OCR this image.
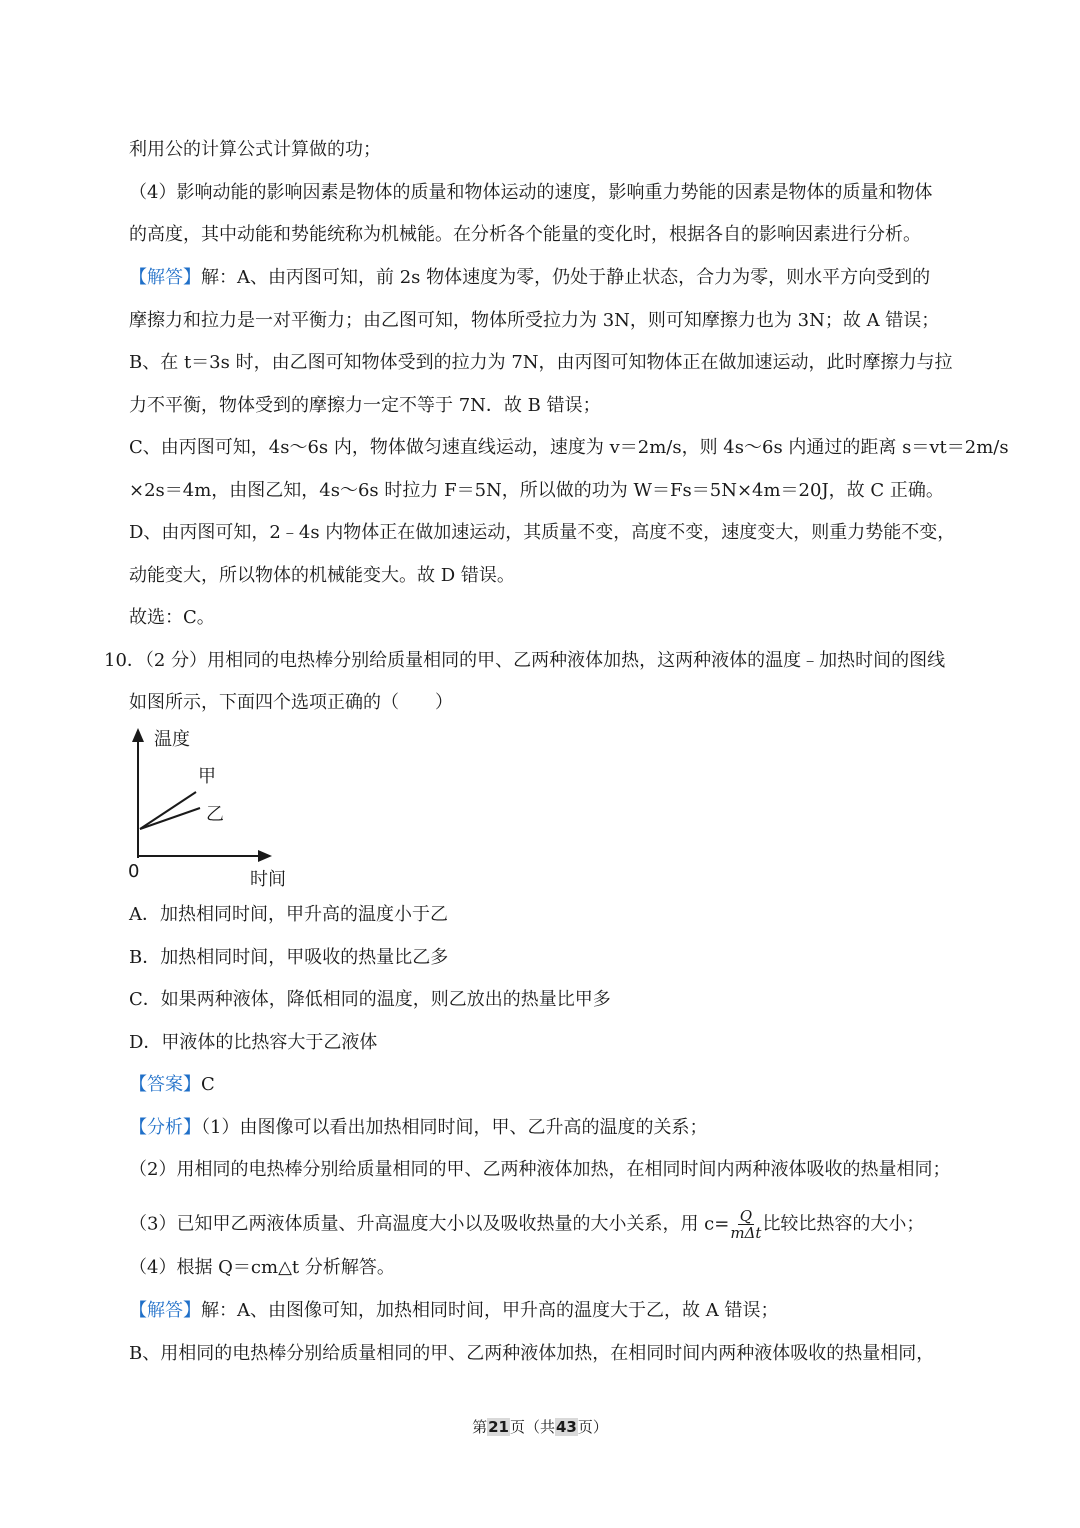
利用公的计算公式计算做的功；
（4）影响动能的影响因素是物体的质量和物体运动的速度，影响重力势能的因素是物体的质量和物体
的高度，其中动能和势能统称为机械能。在分析各个能量的变化时，根据各自的影响因素进行分析。
【解答】解：A、由丙图可知，前 2s 物体速度为零，仍处于静止状态，合力为零，则水平方向受到的
摩擦力和拉力是一对平衡力；由乙图可知，物体所受拉力为 3N，则可知摩擦力也为 3N；故 A 错误；
B、在 t＝3s 时，由乙图可知物体受到的拉力为 7N，由丙图可知物体正在做加速运动，此时摩擦力与拉
力不平衡，物体受到的摩擦力一定不等于 7N．故 B 错误；
C、由丙图可知，4s～6s 内，物体做匀速直线运动，速度为 v＝2m/s，则 4s～6s 内通过的距离 s＝vt＝2m/s
×2s＝4m，由图乙知，4s～6s 时拉力 F＝5N，所以做的功为 W＝Fs＝5N×4m＝20J，故 C 正确。
D、由丙图可知，2﹣4s 内物体正在做加速运动，其质量不变，高度不变，速度变大，则重力势能不变，
动能变大，所以物体的机械能变大。故 D 错误。
故选：C。
10．（2 分）用相同的电热棒分别给质量相同的甲、乙两种液体加热，这两种液体的温度﹣加热时间的图线
如图所示，下面四个选项正确的（　　）
温度
甲
乙
0	时间
A．加热相同时间，甲升高的温度小于乙
B．加热相同时间，甲吸收的热量比乙多
C．如果两种液体，降低相同的温度，则乙放出的热量比甲多
D．甲液体的比热容大于乙液体
【答案】C
【分析】（1）由图像可以看出加热相同时间，甲、乙升高的温度的关系；
（2）用相同的电热棒分别给质量相同的甲、乙两种液体加热，在相同时间内两种液体吸收的热量相同；
（3）已知甲乙两液体质量、升高温度大小以及吸收热量的大小关系，用 $c= \frac{Q}{\text{mΔt}}$ 比较比热容的大小；
（4）根据 Q＝cm△t 分析解答。
【解答】解：A、由图像可知，加热相同时间，甲升高的温度大于乙，故 A 错误；
B、用相同的电热棒分别给质量相同的甲、乙两种液体加热，在相同时间内两种液体吸收的热量相同，
第21页（共43页）
